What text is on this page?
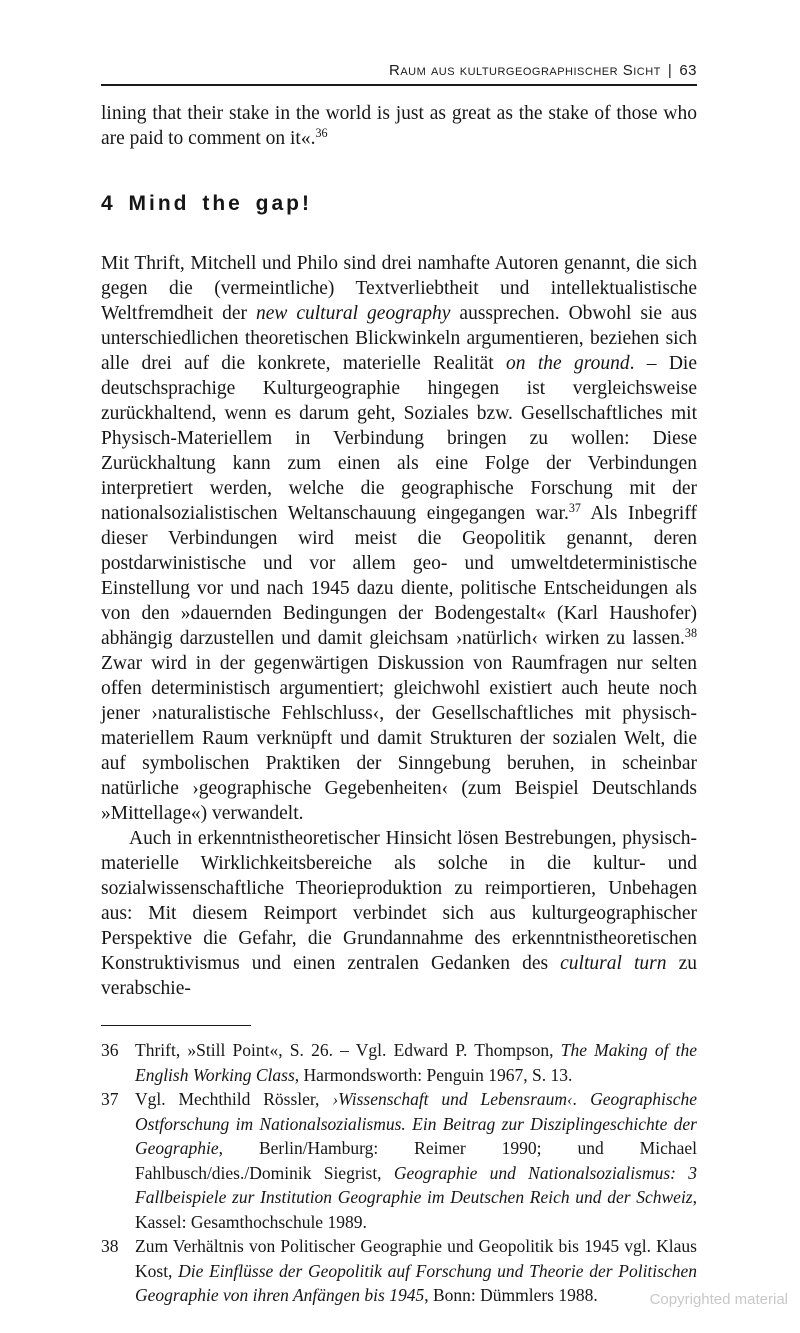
Raum aus kulturgeographischer Sicht | 63

lining that their stake in the world is just as great as the stake of those who are paid to comment on it«.$^{36}$

4 Mind the gap!

Mit Thrift, Mitchell und Philo sind drei namhafte Autoren genannt, die sich gegen die (vermeintliche) Textverliebtheit und intellektualistische Weltfremdheit der new cultural geography aussprechen. Obwohl sie aus unterschiedlichen theoretischen Blickwinkeln argumentieren, beziehen sich alle drei auf die konkrete, materielle Realität on the ground. – Die deutschsprachige Kulturgeographie hingegen ist vergleichsweise zurückhaltend, wenn es darum geht, Soziales bzw. Gesellschaftliches mit Physisch-Materiellem in Verbindung bringen zu wollen: Diese Zurückhaltung kann zum einen als eine Folge der Verbindungen interpretiert werden, welche die geographische Forschung mit der nationalsozialistischen Weltanschauung eingegangen war.$^{37}$ Als Inbegriff dieser Verbindungen wird meist die Geopolitik genannt, deren postdarwinistische und vor allem geo- und umweltdeterministische Einstellung vor und nach 1945 dazu diente, politische Entscheidungen als von den »dauernden Bedingungen der Bodengestalt« (Karl Haushofer) abhängig darzustellen und damit gleichsam ›natürlich‹ wirken zu lassen.$^{38}$ Zwar wird in der gegenwärtigen Diskussion von Raumfragen nur selten offen deterministisch argumentiert; gleichwohl existiert auch heute noch jener ›naturalistische Fehlschluss‹, der Gesellschaftliches mit physisch-materiellem Raum verknüpft und damit Strukturen der sozialen Welt, die auf symbolischen Praktiken der Sinngebung beruhen, in scheinbar natürliche ›geographische Gegebenheiten‹ (zum Beispiel Deutschlands »Mittellage«) verwandelt.

Auch in erkenntnistheoretischer Hinsicht lösen Bestrebungen, physisch-materielle Wirklichkeitsbereiche als solche in die kultur- und sozialwissenschaftliche Theorieproduktion zu reimportieren, Unbehagen aus: Mit diesem Reimport verbindet sich aus kulturgeographischer Perspektive die Gefahr, die Grundannahme des erkenntnistheoretischen Konstruktivismus und einen zentralen Gedanken des cultural turn zu verabschie-

36 Thrift, »Still Point«, S. 26. – Vgl. Edward P. Thompson, The Making of the English Working Class, Harmondsworth: Penguin 1967, S. 13.
37 Vgl. Mechthild Rössler, ›Wissenschaft und Lebensraum‹. Geographische Ostforschung im Nationalsozialismus. Ein Beitrag zur Disziplingeschichte der Geographie, Berlin/Hamburg: Reimer 1990; und Michael Fahlbusch/dies./Dominik Siegrist, Geographie und Nationalsozialismus: 3 Fallbeispiele zur Institution Geographie im Deutschen Reich und der Schweiz, Kassel: Gesamthochschule 1989.
38 Zum Verhältnis von Politischer Geographie und Geopolitik bis 1945 vgl. Klaus Kost, Die Einflüsse der Geopolitik auf Forschung und Theorie der Politischen Geographie von ihren Anfängen bis 1945, Bonn: Dümmlers 1988.	Copyrighted material
